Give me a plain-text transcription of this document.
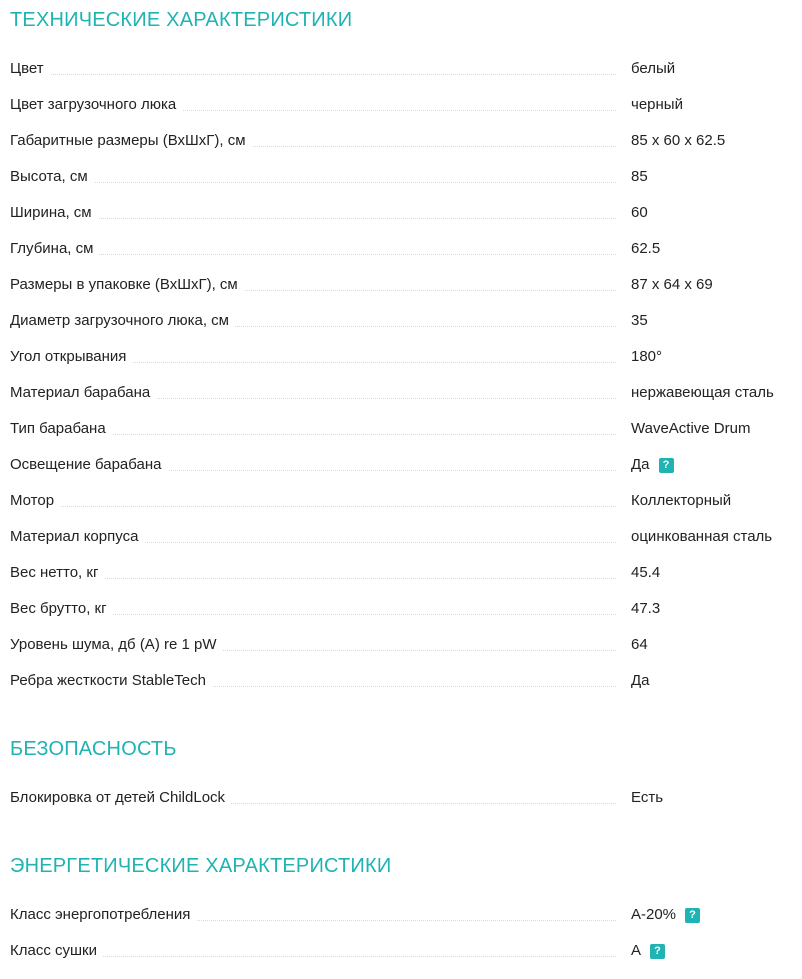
ТЕХНИЧЕСКИЕ ХАРАКТЕРИСТИКИ
Цвет	белый
Цвет загрузочного люка	черный
Габаритные размеры (ВхШхГ), см	85 x 60 x 62.5
Высота, см	85
Ширина, см	60
Глубина, см	62.5
Размеры в упаковке (ВхШхГ), см	87 x 64 x 69
Диаметр загрузочного люка, см	35
Угол открывания	180°
Материал барабана	нержавеющая сталь
Тип барабана	WaveActive Drum
Освещение барабана	Да	?
Мотор	Коллекторный
Материал корпуса	оцинкованная сталь
Вес нетто, кг	45.4
Вес брутто, кг	47.3
Уровень шума, дб (А) re 1 pW	64
Ребра жесткости StableTech	Да
БЕЗОПАСНОСТЬ
Блокировка от детей ChildLock	Есть
ЭНЕРГЕТИЧЕСКИЕ ХАРАКТЕРИСТИКИ
Класс энергопотребления	А-20%	?
Класс сушки	А	?
